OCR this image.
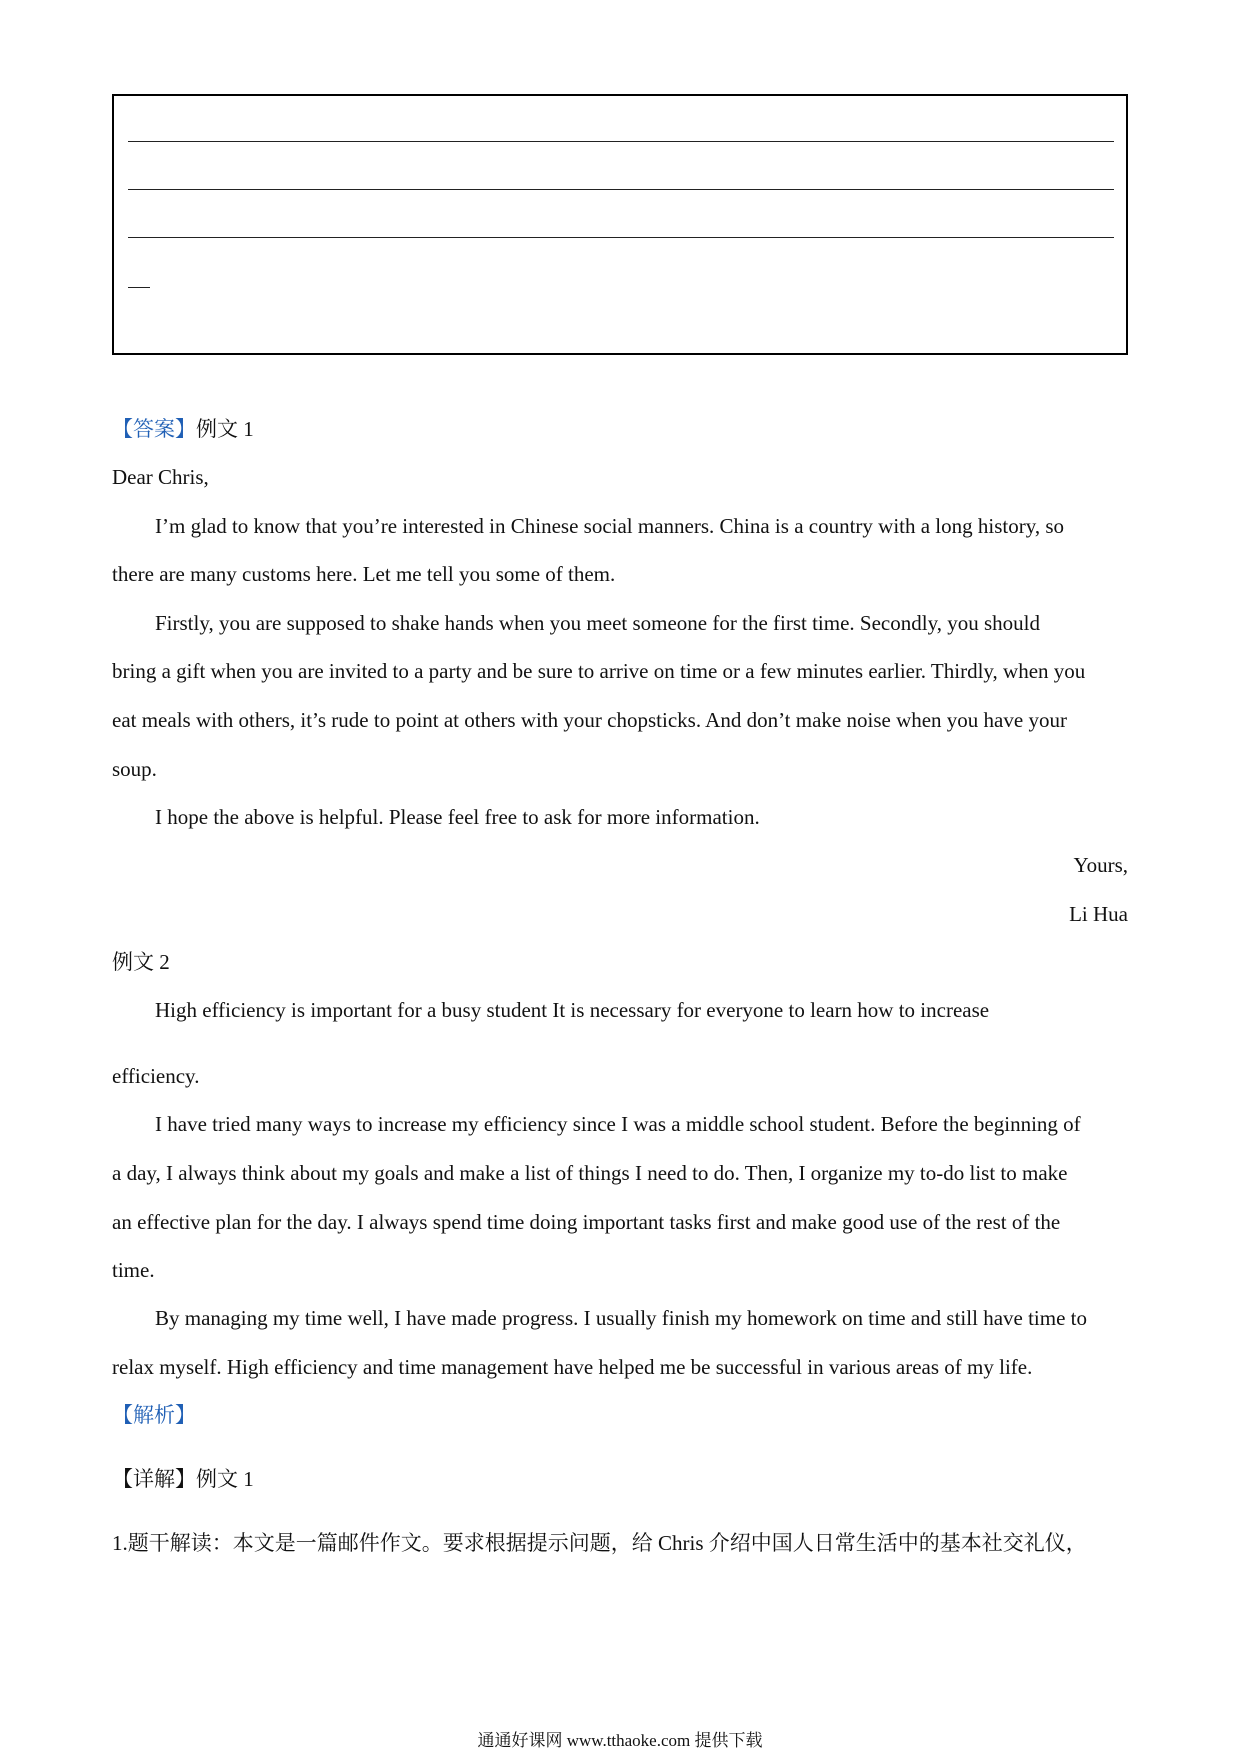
【答案】例文 1
Dear Chris,
I’m glad to know that you’re interested in Chinese social manners. China is a country with a long history, so
there are many customs here. Let me tell you some of them.
Firstly, you are supposed to shake hands when you meet someone for the first time. Secondly, you should
bring a gift when you are invited to a party and be sure to arrive on time or a few minutes earlier. Thirdly, when you
eat meals with others, it’s rude to point at others with your chopsticks. And don’t make noise when you have your
soup.
I hope the above is helpful. Please feel free to ask for more information.
Yours,
Li Hua
例文 2
High efficiency is important for a busy student It is necessary for everyone to learn how to increase
efficiency.
I have tried many ways to increase my efficiency since I was a middle school student. Before the beginning of
a day, I always think about my goals and make a list of things I need to do. Then, I organize my to-do list to make
an effective plan for the day. I always spend time doing important tasks first and make good use of the rest of the
time.
By managing my time well, I have made progress. I usually finish my homework on time and still have time to
relax myself. High efficiency and time management have helped me be successful in various areas of my life.
【解析】
【详解】例文 1
1.题干解读：本文是一篇邮件作文。要求根据提示问题，给 Chris 介绍中国人日常生活中的基本社交礼仪，
通通好课网 www.tthaoke.com 提供下载
